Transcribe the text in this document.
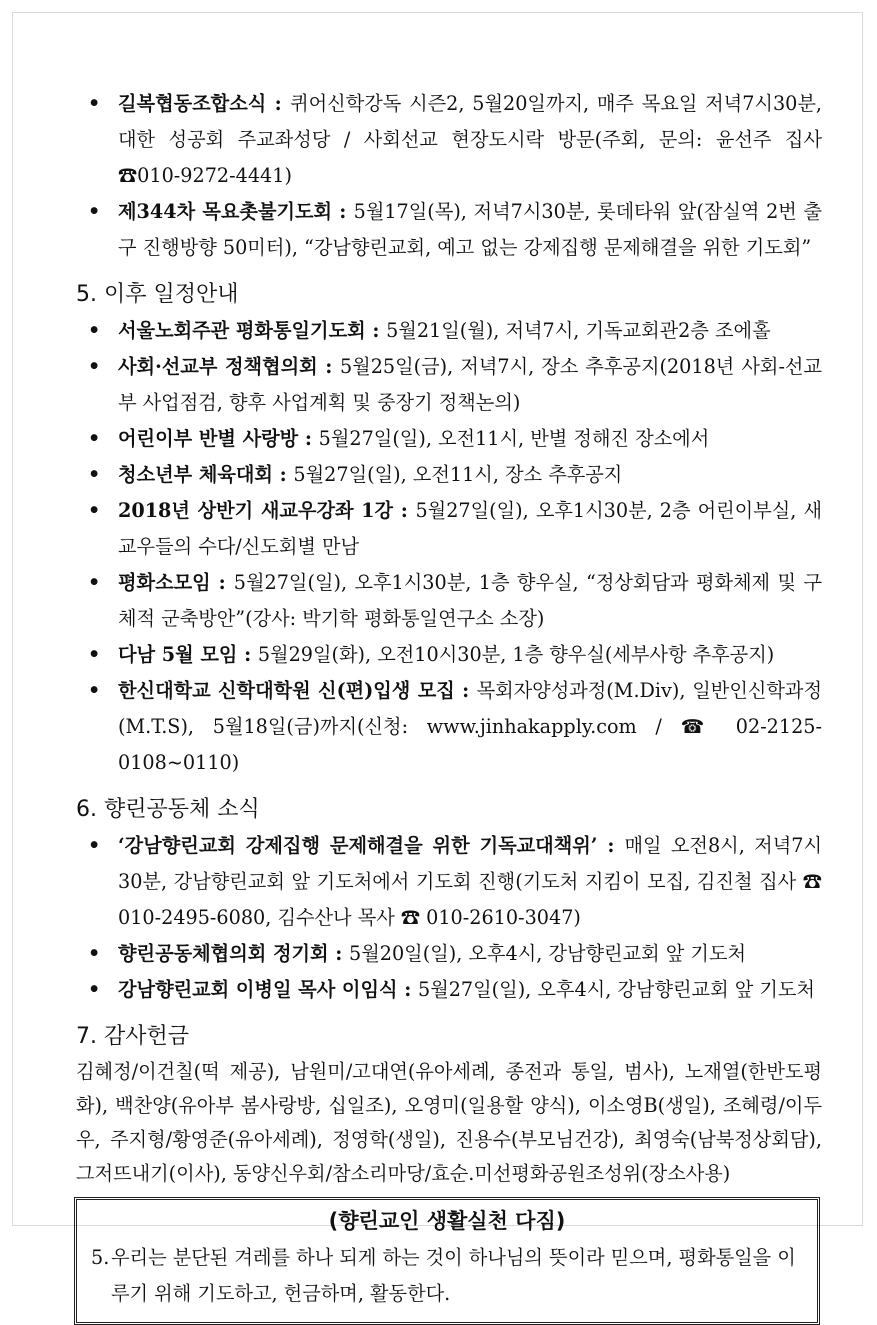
• 길복협동조합소식 : 퀴어신학강독 시즌2, 5월20일까지, 매주 목요일 저녁7시30분, 대한 성공회 주교좌성당 / 사회선교 현장도시락 방문(주회, 문의: 윤선주 집사 ☎010-9272-4441)

• 제344차 목요촛불기도회 : 5월17일(목), 저녁7시30분, 롯데타워 앞(잠실역 2번 출구 진행방향 50미터), “강남향린교회, 예고 없는 강제집행 문제해결을 위한 기도회”

5. 이후 일정안내

• 서울노회주관 평화통일기도회 : 5월21일(월), 저녁7시, 기독교회관2층 조에홀

• 사회·선교부 정책협의회 : 5월25일(금), 저녁7시, 장소 추후공지(2018년 사회-선교부 사업점검, 향후 사업계획 및 중장기 정책논의)

• 어린이부 반별 사랑방 : 5월27일(일), 오전11시, 반별 정해진 장소에서

• 청소년부 체육대회 : 5월27일(일), 오전11시, 장소 추후공지

• 2018년 상반기 새교우강좌 1강 : 5월27일(일), 오후1시30분, 2층 어린이부실, 새교우들의 수다/신도회별 만남

• 평화소모임 : 5월27일(일), 오후1시30분, 1층 향우실, “정상회담과 평화체제 및 구체적 군축방안”(강사: 박기학 평화통일연구소 소장)

• 다남 5월 모임 : 5월29일(화), 오전10시30분, 1층 향우실(세부사항 추후공지)

• 한신대학교 신학대학원 신(편)입생 모집 : 목회자양성과정(M.Div), 일반인신학과정(M.T.S), 5월18일(금)까지(신청: www.jinhakapply.com / ☎ 02-2125-0108~0110)

6. 향린공동체 소식

• ‘강남향린교회 강제집행 문제해결을 위한 기독교대책위’ : 매일 오전8시, 저녁7시 30분, 강남향린교회 앞 기도처에서 기도회 진행(기도처 지킴이 모집, 김진철 집사 ☎ 010-2495-6080, 김수산나 목사 ☎ 010-2610-3047)

• 향린공동체협의회 정기회 : 5월20일(일), 오후4시, 강남향린교회 앞 기도처

• 강남향린교회 이병일 목사 이임식 : 5월27일(일), 오후4시, 강남향린교회 앞 기도처

7. 감사헌금

김혜정/이건칠(떡 제공), 남원미/고대연(유아세례, 종전과 통일, 범사), 노재열(한반도평화), 백찬양(유아부 봄사랑방, 십일조), 오영미(일용할 양식), 이소영B(생일), 조혜령/이두우, 주지형/황영준(유아세례), 정영학(생일), 진용수(부모님건강), 최영숙(남북정상회담), 그저뜨내기(이사), 동양신우회/참소리마당/효순.미선평화공원조성위(장소사용)

(향린교인 생활실천 다짐)
5. 우리는 분단된 겨레를 하나 되게 하는 것이 하나님의 뜻이라 믿으며, 평화통일을 이루기 위해 기도하고, 헌금하며, 활동한다.
